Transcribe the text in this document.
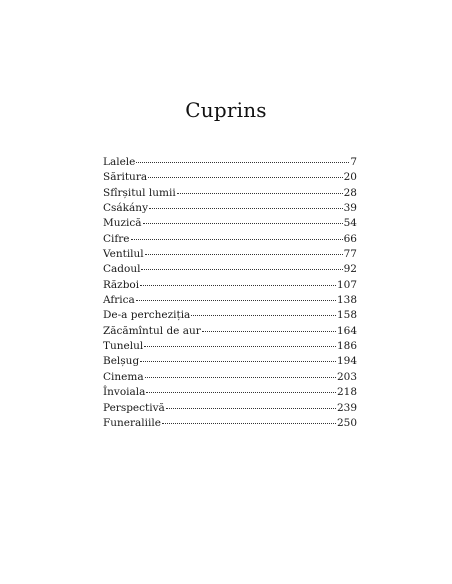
Cuprins
Lalele	7
Săritura	20
Sfîrșitul lumii	28
Csákány	39
Muzică	54
Cifre	66
Ventilul	77
Cadoul	92
Război	107
Africa	138
De-a percheziția	158
Zăcămîntul de aur	164
Tunelul	186
Belșug	194
Cinema	203
Învoiala	218
Perspectivă	239
Funeraliile	250
